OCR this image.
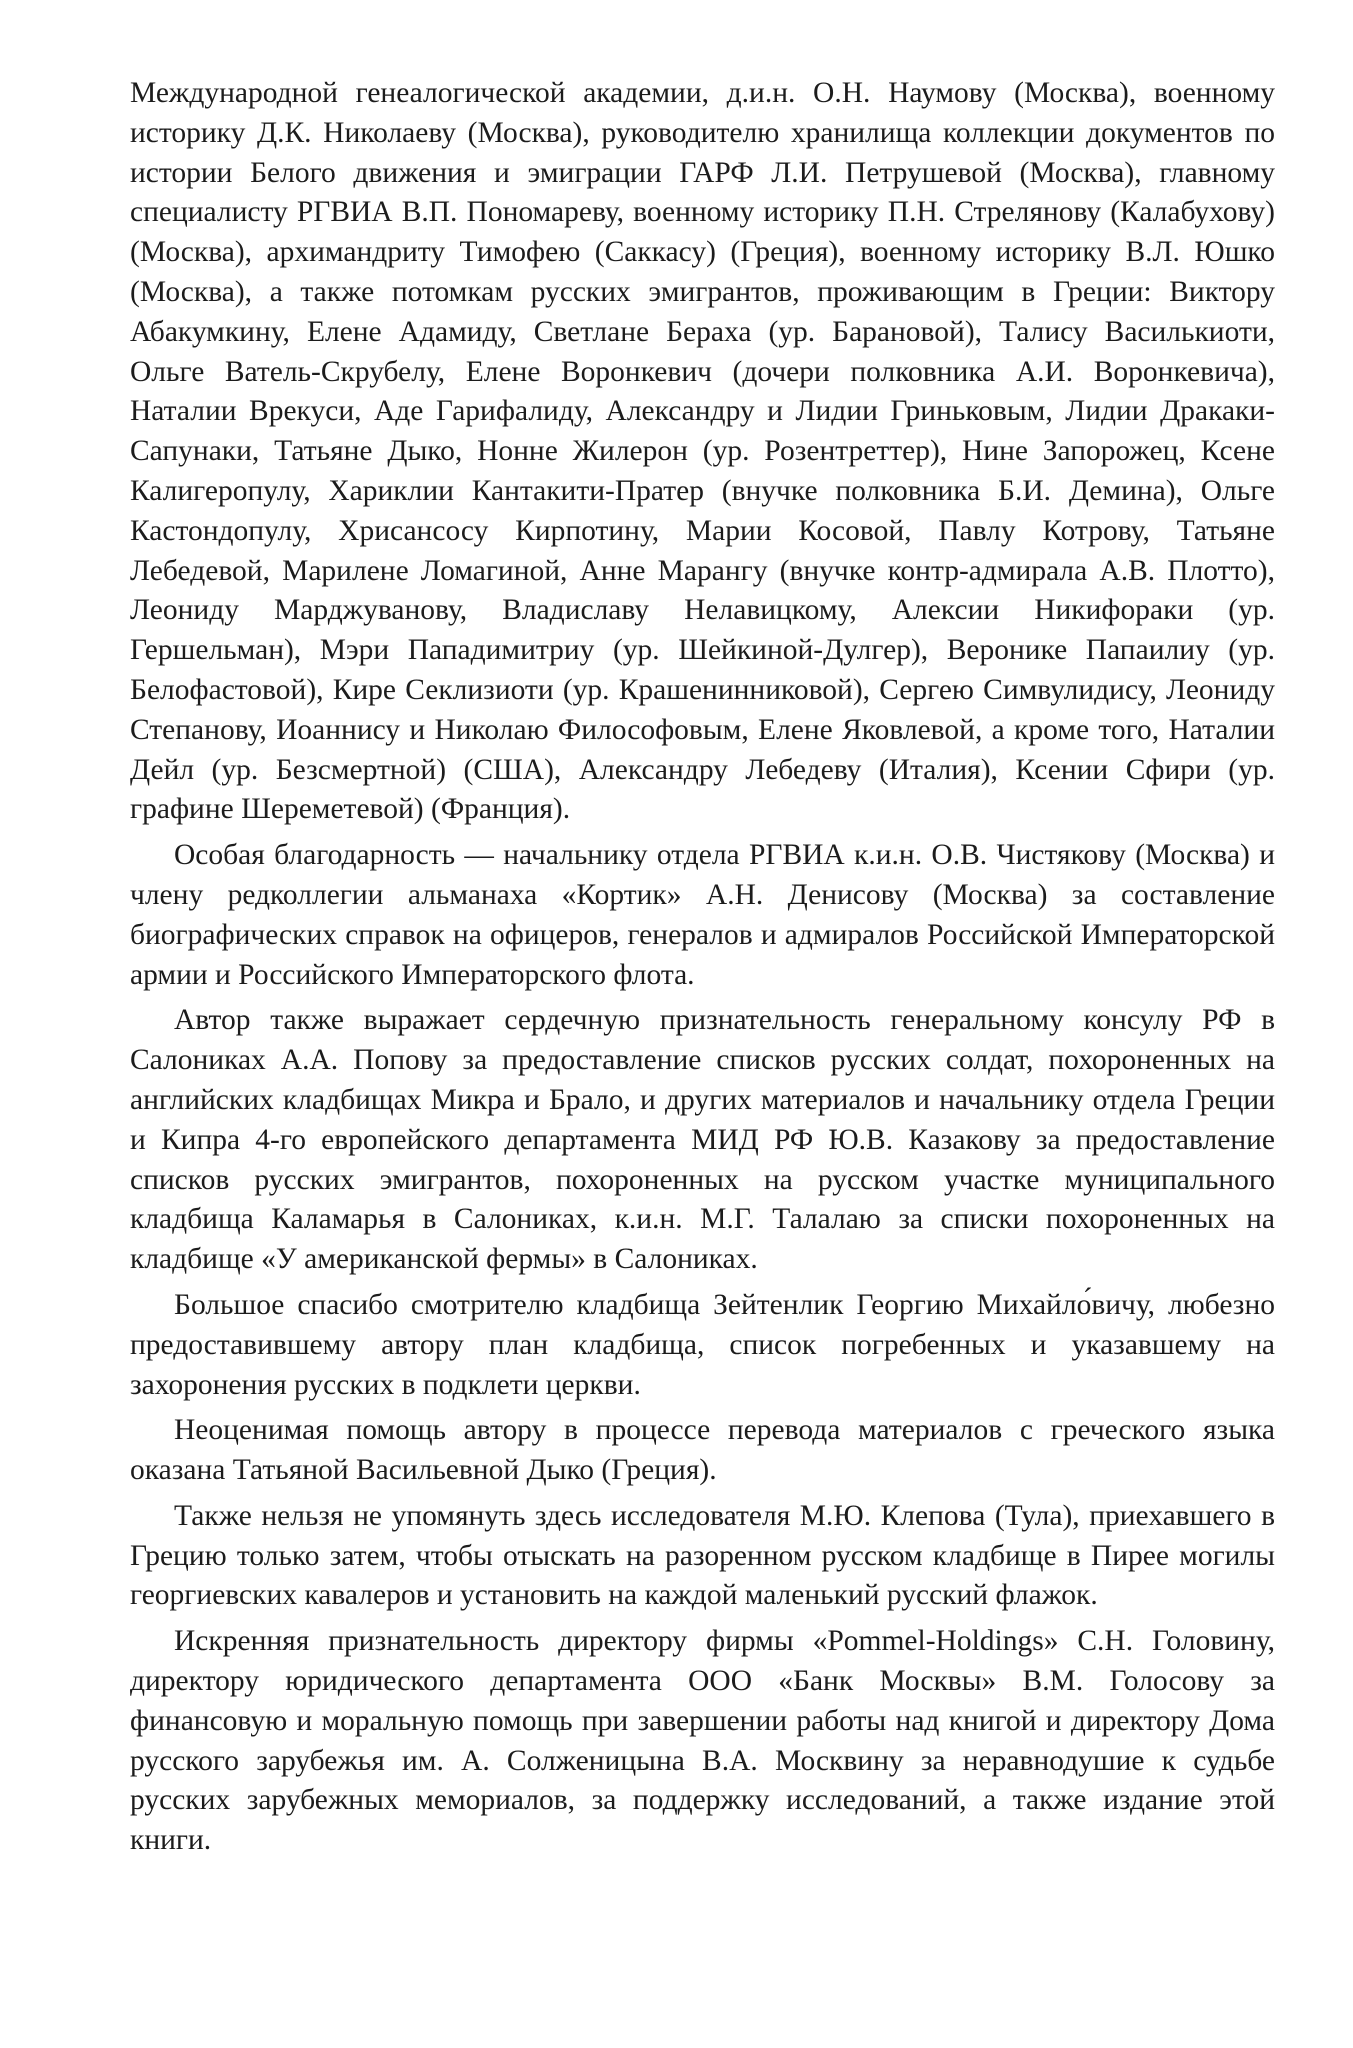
Международной генеалогической академии, д.и.н. О.Н. Наумову (Москва), военному историку Д.К. Николаеву (Москва), руководителю хранилища коллекции документов по истории Белого движения и эмиграции ГАРФ Л.И. Петрушевой (Москва), главному специалисту РГВИА В.П. Пономареву, военному историку П.Н. Стрелянову (Калабухову) (Москва), архимандриту Тимофею (Саккасу) (Греция), военному историку В.Л. Юшко (Москва), а также потомкам русских эмигрантов, проживающим в Греции: Виктору Абакумкину, Елене Адамиду, Светлане Бераха (ур. Барановой), Талису Василькиоти, Ольге Ватель-Скрубелу, Елене Воронкевич (дочери полковника А.И. Воронкевича), Наталии Врекуси, Аде Гарифалиду, Александру и Лидии Гриньковым, Лидии Дракаки-Сапунаки, Татьяне Дыко, Нонне Жилерон (ур. Розентреттер), Нине Запорожец, Ксене Калигеропулу, Хариклии Кантакити-Пратер (внучке полковника Б.И. Демина), Ольге Кастондопулу, Хрисансосу Кирпотину, Марии Косовой, Павлу Котрову, Татьяне Лебедевой, Марилене Ломагиной, Анне Марангу (внучке контр-адмирала А.В. Плотто), Леониду Марджуванову, Владиславу Нелавицкому, Алексии Никифораки (ур. Гершельман), Мэри Пападимитриу (ур. Шейкиной-Дулгер), Веронике Папаилиу (ур. Белофастовой), Кире Секлизиоти (ур. Крашенинниковой), Сергею Симвулидису, Леониду Степанову, Иоаннису и Николаю Философовым, Елене Яковлевой, а кроме того, Наталии Дейл (ур. Безсмертной) (США), Александру Лебедеву (Италия), Ксении Сфири (ур. графине Шереметевой) (Франция).

Особая благодарность — начальнику отдела РГВИА к.и.н. О.В. Чистякову (Москва) и члену редколлегии альманаха «Кортик» А.Н. Денисову (Москва) за составление биографических справок на офицеров, генералов и адмиралов Российской Императорской армии и Российского Императорского флота.

Автор также выражает сердечную признательность генеральному консулу РФ в Салониках А.А. Попову за предоставление списков русских солдат, похороненных на английских кладбищах Микра и Брало, и других материалов и начальнику отдела Греции и Кипра 4-го европейского департамента МИД РФ Ю.В. Казакову за предоставление списков русских эмигрантов, похороненных на русском участке муниципального кладбища Каламарья в Салониках, к.и.н. М.Г. Талалаю за списки похороненных на кладбище «У американской фермы» в Салониках.

Большое спасибо смотрителю кладбища Зейтенлик Георгию Михайло́вичу, любезно предоставившему автору план кладбища, список погребенных и указавшему на захоронения русских в подклети церкви.

Неоценимая помощь автору в процессе перевода материалов с греческого языка оказана Татьяной Васильевной Дыко (Греция).

Также нельзя не упомянуть здесь исследователя М.Ю. Клепова (Тула), приехавшего в Грецию только затем, чтобы отыскать на разоренном русском кладбище в Пирее могилы георгиевских кавалеров и установить на каждой маленький русский флажок.

Искренняя признательность директору фирмы «Pommel-Holdings» С.Н. Головину, директору юридического департамента ООО «Банк Москвы» В.М. Голосову за финансовую и моральную помощь при завершении работы над книгой и директору Дома русского зарубежья им. А. Солженицына В.А. Москвину за неравнодушие к судьбе русских зарубежных мемориалов, за поддержку исследований, а также издание этой книги.
